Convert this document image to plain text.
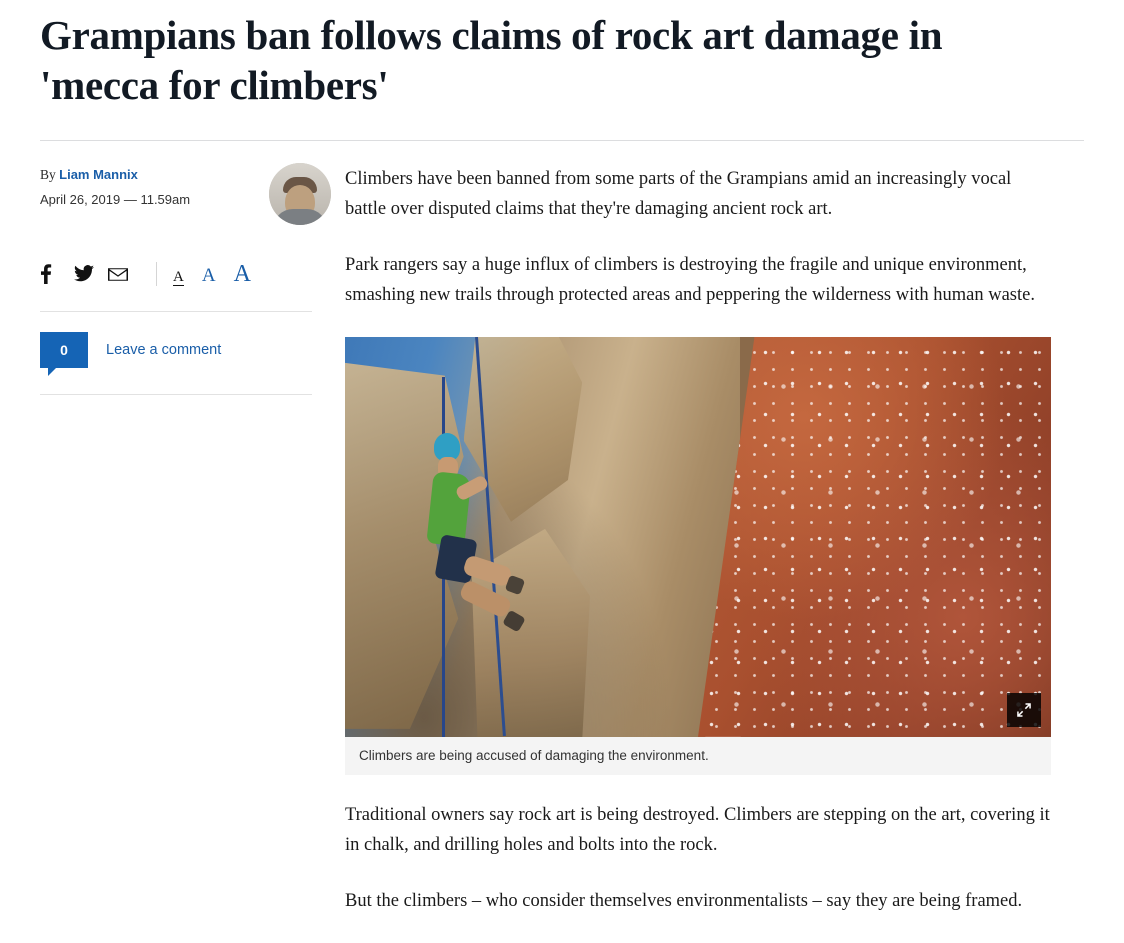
Grampians ban follows claims of rock art damage in 'mecca for climbers'
By Liam Mannix
April 26, 2019 — 11.59am
A A A
0	Leave a comment

Climbers have been banned from some parts of the Grampians amid an increasingly vocal battle over disputed claims that they're damaging ancient rock art.

Park rangers say a huge influx of climbers is destroying the fragile and unique environment, smashing new trails through protected areas and peppering the wilderness with human waste.

Climbers are being accused of damaging the environment.

Traditional owners say rock art is being destroyed. Climbers are stepping on the art, covering it in chalk, and drilling holes and bolts into the rock.

But the climbers – who consider themselves environmentalists – say they are being framed.
